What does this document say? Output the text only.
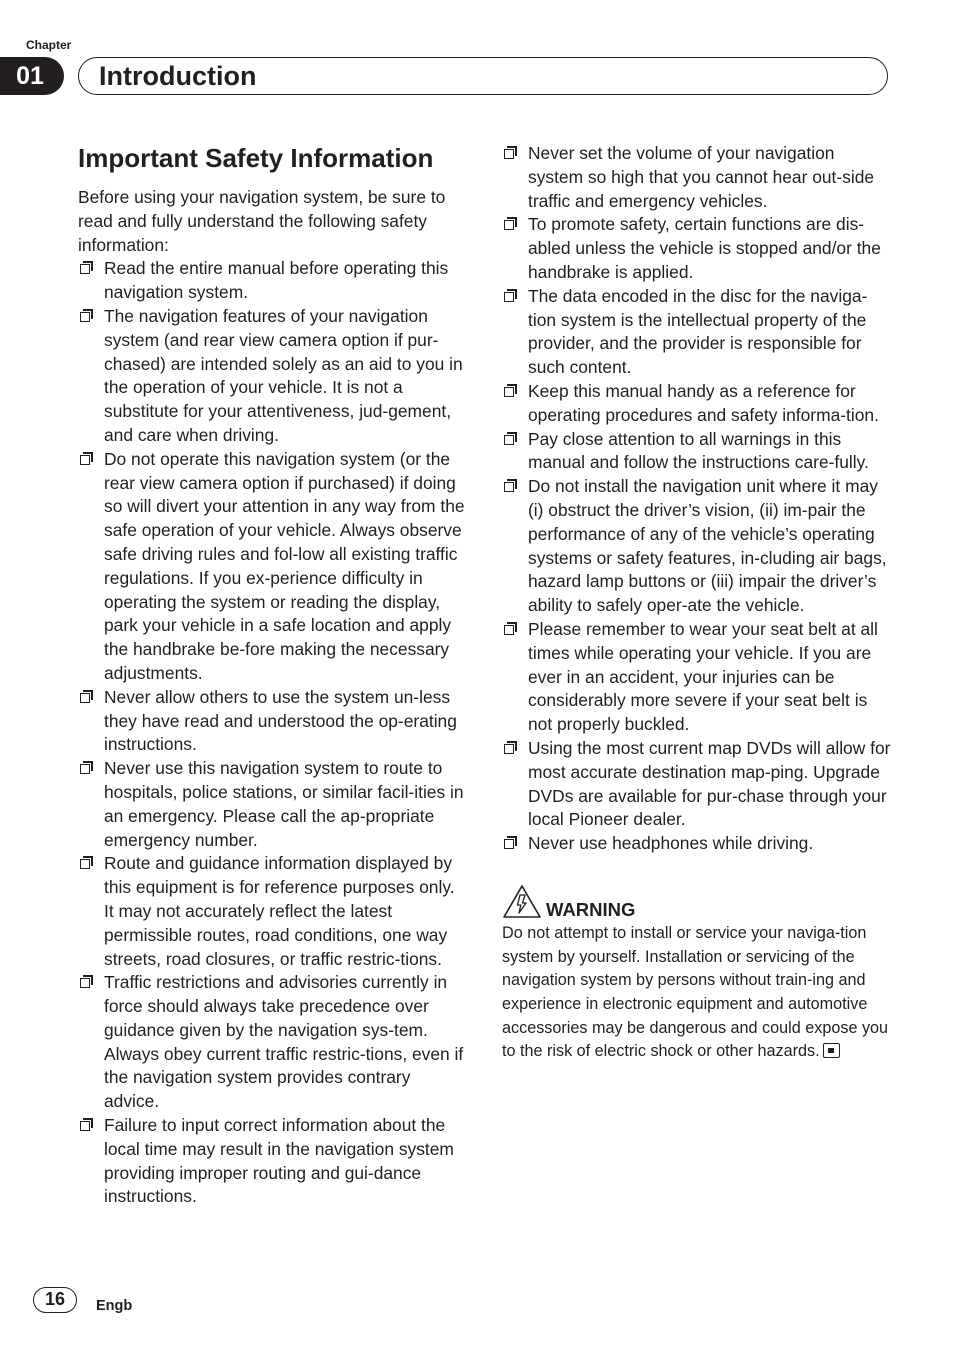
Chapter
01	Introduction
Important Safety Information

Before using your navigation system, be sure to read and fully understand the following safety information:

Read the entire manual before operating this navigation system.
The navigation features of your navigation system (and rear view camera option if pur-chased) are intended solely as an aid to you in the operation of your vehicle. It is not a substitute for your attentiveness, jud-gement, and care when driving.
Do not operate this navigation system (or the rear view camera option if purchased) if doing so will divert your attention in any way from the safe operation of your vehicle. Always observe safe driving rules and fol-low all existing traffic regulations. If you ex-perience difficulty in operating the system or reading the display, park your vehicle in a safe location and apply the handbrake be-fore making the necessary adjustments.
Never allow others to use the system un-less they have read and understood the op-erating instructions.
Never use this navigation system to route to hospitals, police stations, or similar facil-ities in an emergency. Please call the ap-propriate emergency number.
Route and guidance information displayed by this equipment is for reference purposes only. It may not accurately reflect the latest permissible routes, road conditions, one way streets, road closures, or traffic restric-tions.
Traffic restrictions and advisories currently in force should always take precedence over guidance given by the navigation sys-tem. Always obey current traffic restric-tions, even if the navigation system provides contrary advice.
Failure to input correct information about the local time may result in the navigation system providing improper routing and gui-dance instructions.
Never set the volume of your navigation system so high that you cannot hear out-side traffic and emergency vehicles.
To promote safety, certain functions are dis-abled unless the vehicle is stopped and/or the handbrake is applied.
The data encoded in the disc for the naviga-tion system is the intellectual property of the provider, and the provider is responsible for such content.
Keep this manual handy as a reference for operating procedures and safety informa-tion.
Pay close attention to all warnings in this manual and follow the instructions care-fully.
Do not install the navigation unit where it may (i) obstruct the driver’s vision, (ii) im-pair the performance of any of the vehicle’s operating systems or safety features, in-cluding air bags, hazard lamp buttons or (iii) impair the driver’s ability to safely oper-ate the vehicle.
Please remember to wear your seat belt at all times while operating your vehicle. If you are ever in an accident, your injuries can be considerably more severe if your seat belt is not properly buckled.
Using the most current map DVDs will allow for most accurate destination map-ping. Upgrade DVDs are available for pur-chase through your local Pioneer dealer.
Never use headphones while driving.
WARNING

Do not attempt to install or service your naviga-tion system by yourself. Installation or servicing of the navigation system by persons without train-ing and experience in electronic equipment and automotive accessories may be dangerous and could expose you to the risk of electric shock or other hazards.

16	Engb
